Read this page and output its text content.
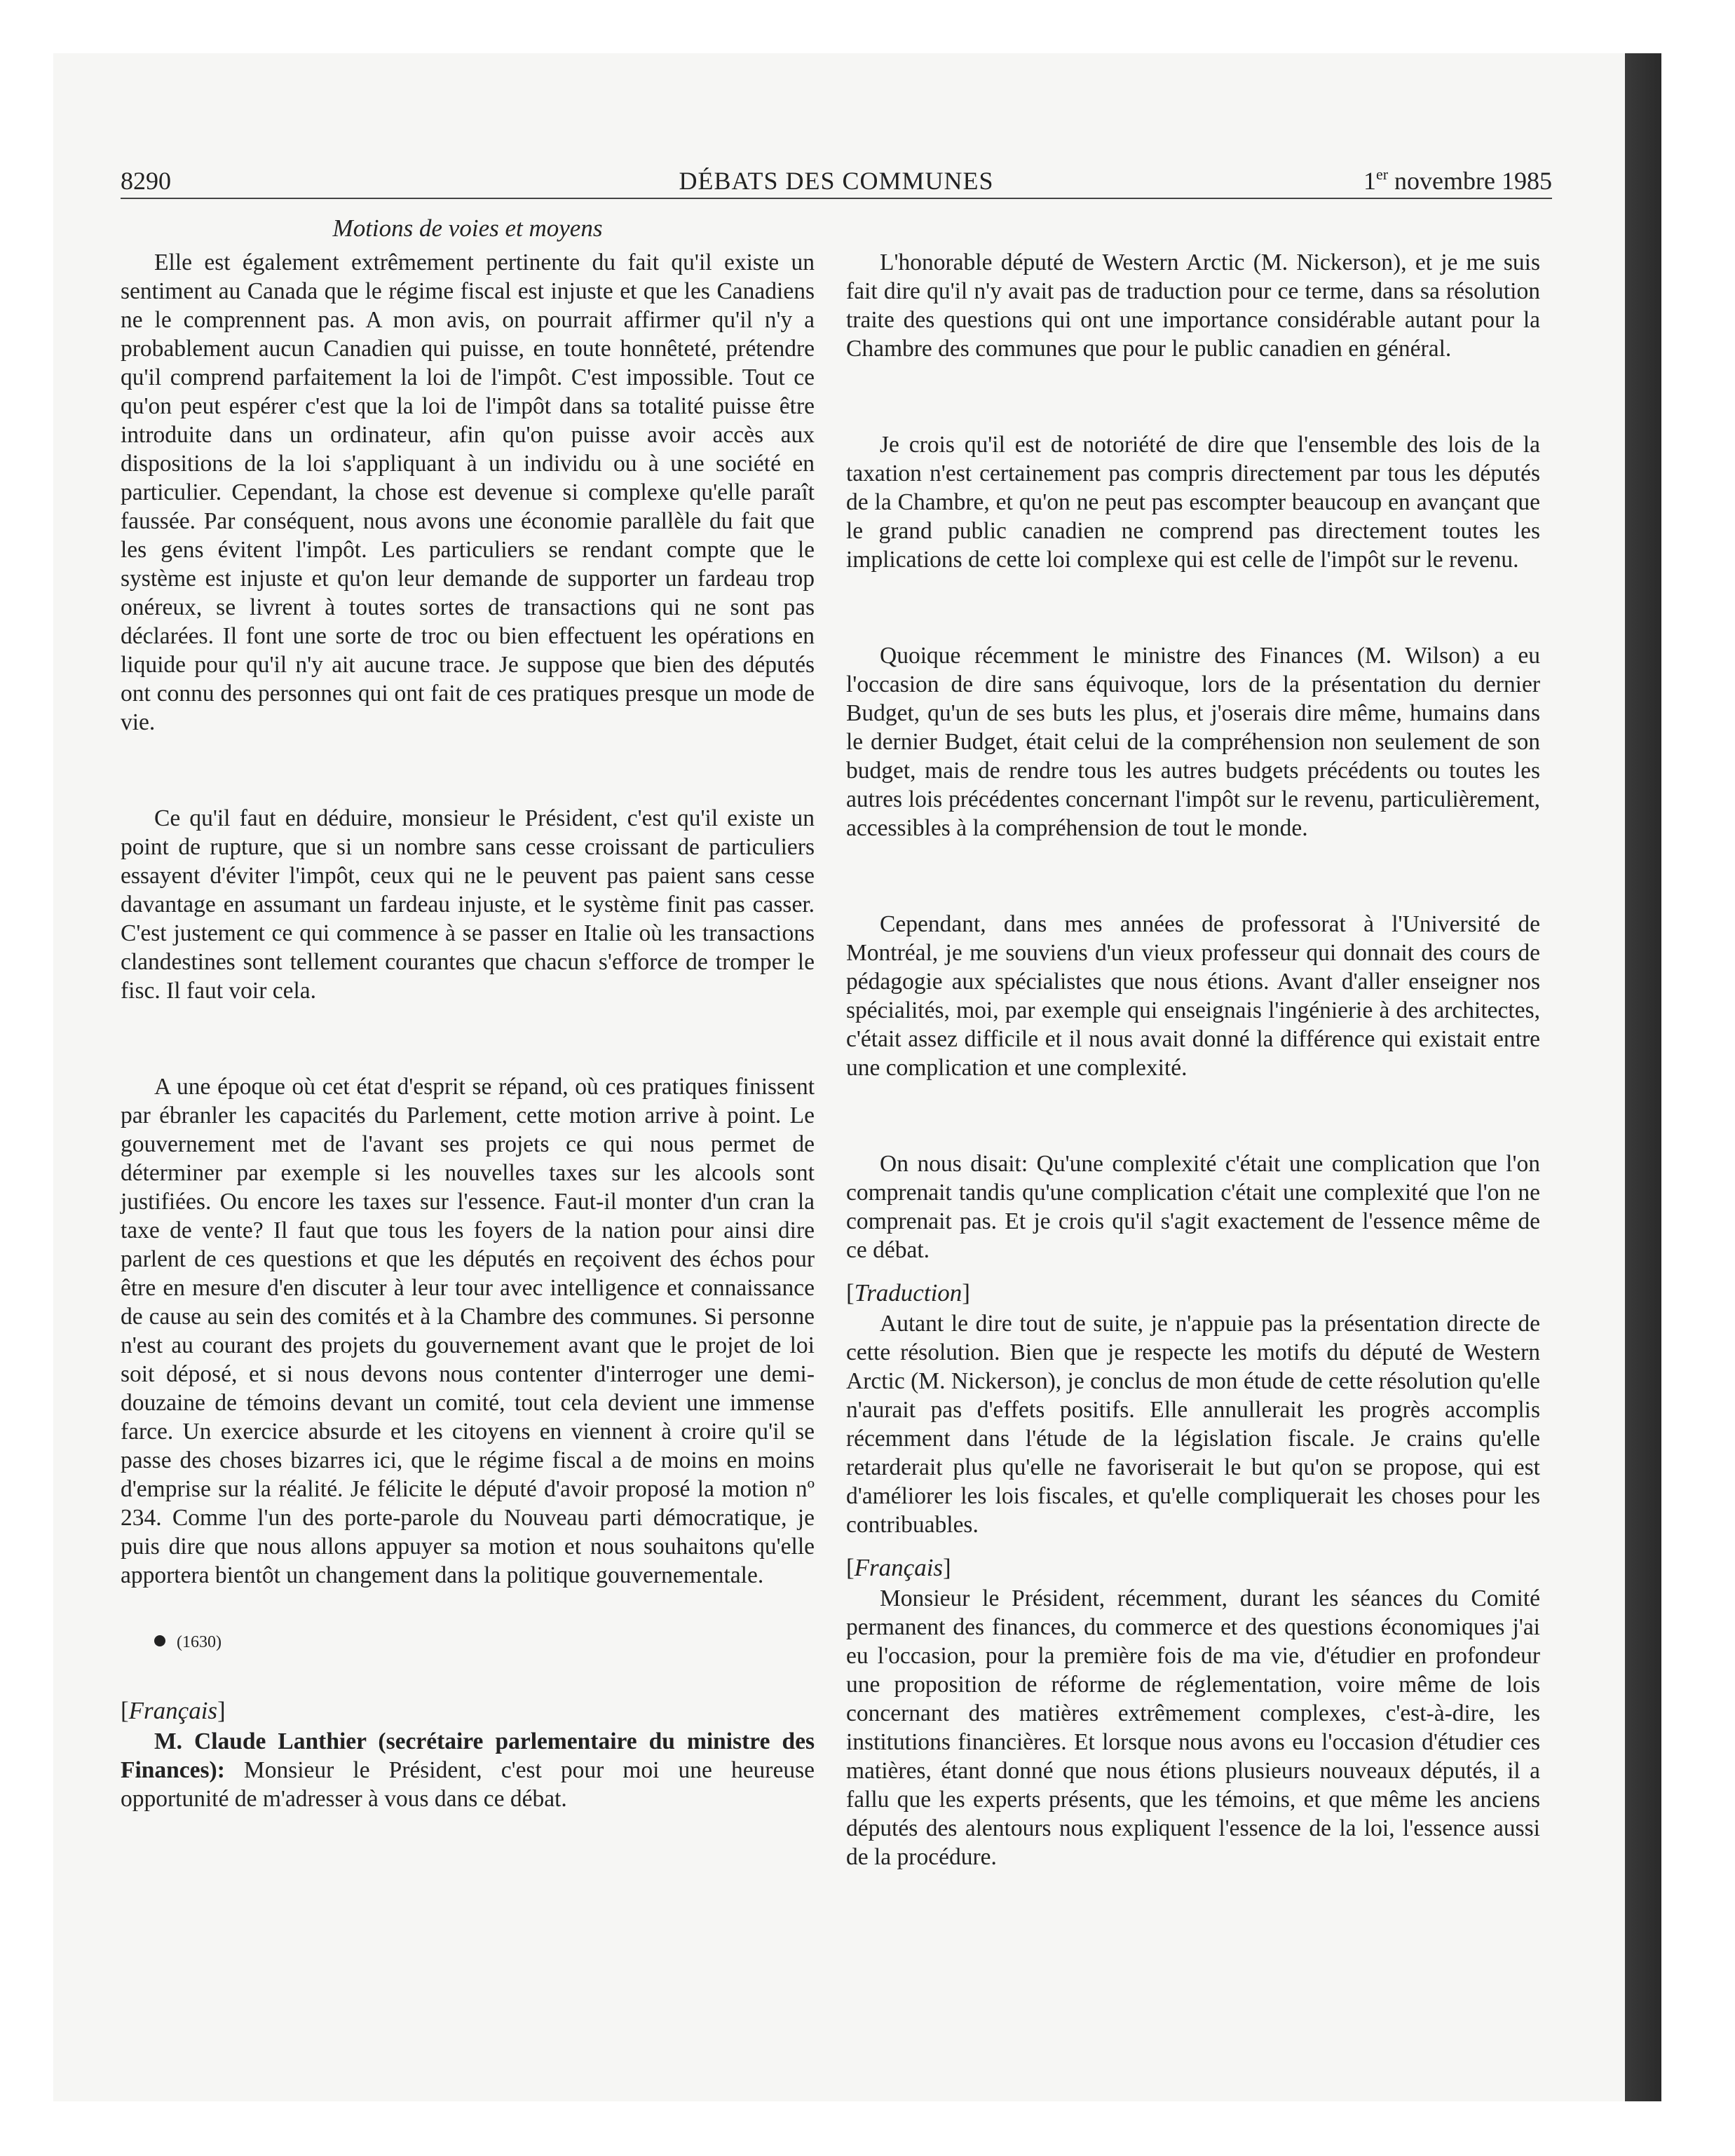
8290	DÉBATS DES COMMUNES	1er novembre 1985
Motions de voies et moyens

Elle est également extrêmement pertinente du fait qu'il existe un sentiment au Canada que le régime fiscal est injuste et que les Canadiens ne le comprennent pas. A mon avis, on pourrait affirmer qu'il n'y a probablement aucun Canadien qui puisse, en toute honnêteté, prétendre qu'il comprend parfaitement la loi de l'impôt. C'est impossible. Tout ce qu'on peut espérer c'est que la loi de l'impôt dans sa totalité puisse être introduite dans un ordinateur, afin qu'on puisse avoir accès aux dispositions de la loi s'appliquant à un individu ou à une société en particulier. Cependant, la chose est devenue si complexe qu'elle paraît faussée. Par conséquent, nous avons une économie parallèle du fait que les gens évitent l'impôt. Les particuliers se rendant compte que le système est injuste et qu'on leur demande de supporter un fardeau trop onéreux, se livrent à toutes sortes de transactions qui ne sont pas déclarées. Il font une sorte de troc ou bien effectuent les opérations en liquide pour qu'il n'y ait aucune trace. Je suppose que bien des députés ont connu des personnes qui ont fait de ces pratiques presque un mode de vie.

Ce qu'il faut en déduire, monsieur le Président, c'est qu'il existe un point de rupture, que si un nombre sans cesse croissant de particuliers essayent d'éviter l'impôt, ceux qui ne le peuvent pas paient sans cesse davantage en assumant un fardeau injuste, et le système finit pas casser. C'est justement ce qui commence à se passer en Italie où les transactions clandestines sont tellement courantes que chacun s'efforce de tromper le fisc. Il faut voir cela.

A une époque où cet état d'esprit se répand, où ces pratiques finissent par ébranler les capacités du Parlement, cette motion arrive à point. Le gouvernement met de l'avant ses projets ce qui nous permet de déterminer par exemple si les nouvelles taxes sur les alcools sont justifiées. Ou encore les taxes sur l'essence. Faut-il monter d'un cran la taxe de vente? Il faut que tous les foyers de la nation pour ainsi dire parlent de ces questions et que les députés en reçoivent des échos pour être en mesure d'en discuter à leur tour avec intelligence et connaissance de cause au sein des comités et à la Chambre des communes. Si personne n'est au courant des projets du gouvernement avant que le projet de loi soit déposé, et si nous devons nous contenter d'interroger une demi-douzaine de témoins devant un comité, tout cela devient une immense farce. Un exercice absurde et les citoyens en viennent à croire qu'il se passe des choses bizarres ici, que le régime fiscal a de moins en moins d'emprise sur la réalité. Je félicite le député d'avoir proposé la motion nº 234. Comme l'un des porte-parole du Nouveau parti démocratique, je puis dire que nous allons appuyer sa motion et nous souhaitons qu'elle apportera bientôt un changement dans la politique gouvernementale.

(1630)

[Français]

M. Claude Lanthier (secrétaire parlementaire du ministre des Finances): Monsieur le Président, c'est pour moi une heureuse opportunité de m'adresser à vous dans ce débat.

L'honorable député de Western Arctic (M. Nickerson), et je me suis fait dire qu'il n'y avait pas de traduction pour ce terme, dans sa résolution traite des questions qui ont une importance considérable autant pour la Chambre des communes que pour le public canadien en général.

Je crois qu'il est de notoriété de dire que l'ensemble des lois de la taxation n'est certainement pas compris directement par tous les députés de la Chambre, et qu'on ne peut pas escompter beaucoup en avançant que le grand public canadien ne comprend pas directement toutes les implications de cette loi complexe qui est celle de l'impôt sur le revenu.

Quoique récemment le ministre des Finances (M. Wilson) a eu l'occasion de dire sans équivoque, lors de la présentation du dernier Budget, qu'un de ses buts les plus, et j'oserais dire même, humains dans le dernier Budget, était celui de la compréhension non seulement de son budget, mais de rendre tous les autres budgets précédents ou toutes les autres lois précédentes concernant l'impôt sur le revenu, particulièrement, accessibles à la compréhension de tout le monde.

Cependant, dans mes années de professorat à l'Université de Montréal, je me souviens d'un vieux professeur qui donnait des cours de pédagogie aux spécialistes que nous étions. Avant d'aller enseigner nos spécialités, moi, par exemple qui enseignais l'ingénierie à des architectes, c'était assez difficile et il nous avait donné la différence qui existait entre une complication et une complexité.

On nous disait: Qu'une complexité c'était une complication que l'on comprenait tandis qu'une complication c'était une complexité que l'on ne comprenait pas. Et je crois qu'il s'agit exactement de l'essence même de ce débat.

[Traduction]

Autant le dire tout de suite, je n'appuie pas la présentation directe de cette résolution. Bien que je respecte les motifs du député de Western Arctic (M. Nickerson), je conclus de mon étude de cette résolution qu'elle n'aurait pas d'effets positifs. Elle annullerait les progrès accomplis récemment dans l'étude de la législation fiscale. Je crains qu'elle retarderait plus qu'elle ne favoriserait le but qu'on se propose, qui est d'améliorer les lois fiscales, et qu'elle compliquerait les choses pour les contribuables.

[Français]

Monsieur le Président, récemment, durant les séances du Comité permanent des finances, du commerce et des questions économiques j'ai eu l'occasion, pour la première fois de ma vie, d'étudier en profondeur une proposition de réforme de réglementation, voire même de lois concernant des matières extrêmement complexes, c'est-à-dire, les institutions financières. Et lorsque nous avons eu l'occasion d'étudier ces matières, étant donné que nous étions plusieurs nouveaux députés, il a fallu que les experts présents, que les témoins, et que même les anciens députés des alentours nous expliquent l'essence de la loi, l'essence aussi de la procédure.
